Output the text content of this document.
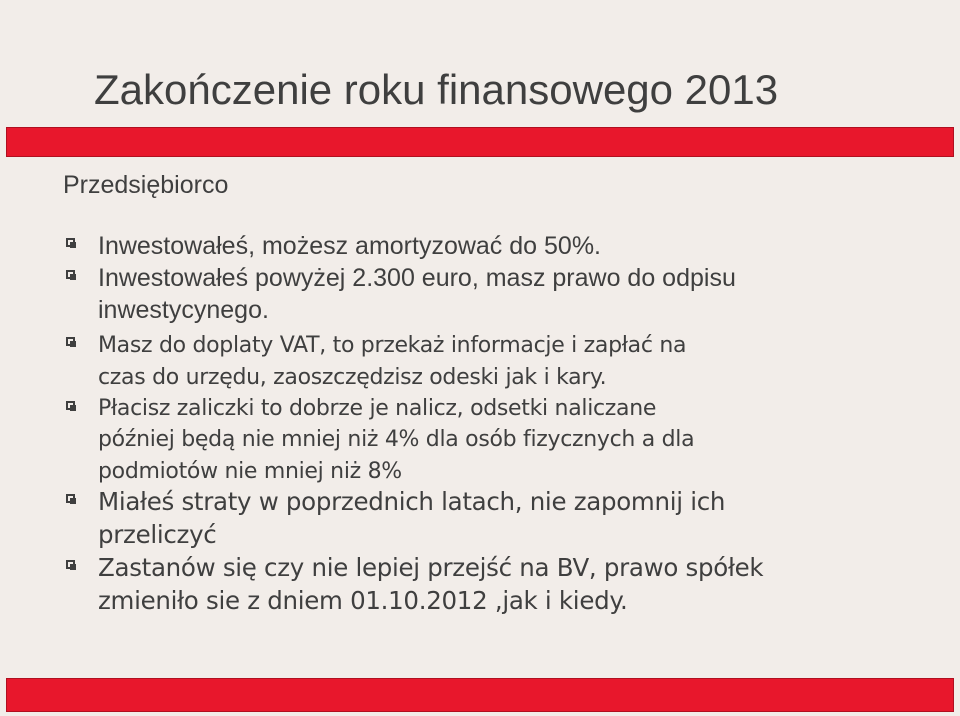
Zakończenie roku finansowego 2013
Przedsiębiorco

Inwestowałeś, możesz amortyzować do 50%.

Inwestowałeś powyżej 2.300 euro, masz prawo do odpisu

inwestycynego.

Masz do doplaty VAT, to przekaż informacje i zapłać na

czas do urzędu, zaoszczędzisz odeski jak i kary.

Płacisz zaliczki to dobrze je nalicz, odsetki naliczane

później będą nie mniej niż 4% dla osób fizycznych a dla

podmiotów nie mniej niż 8%

Miałeś straty w poprzednich latach, nie zapomnij ich

przeliczyć

Zastanów się czy nie lepiej przejść na BV, prawo spółek

zmieniło sie z dniem 01.10.2012 ,jak i kiedy.
